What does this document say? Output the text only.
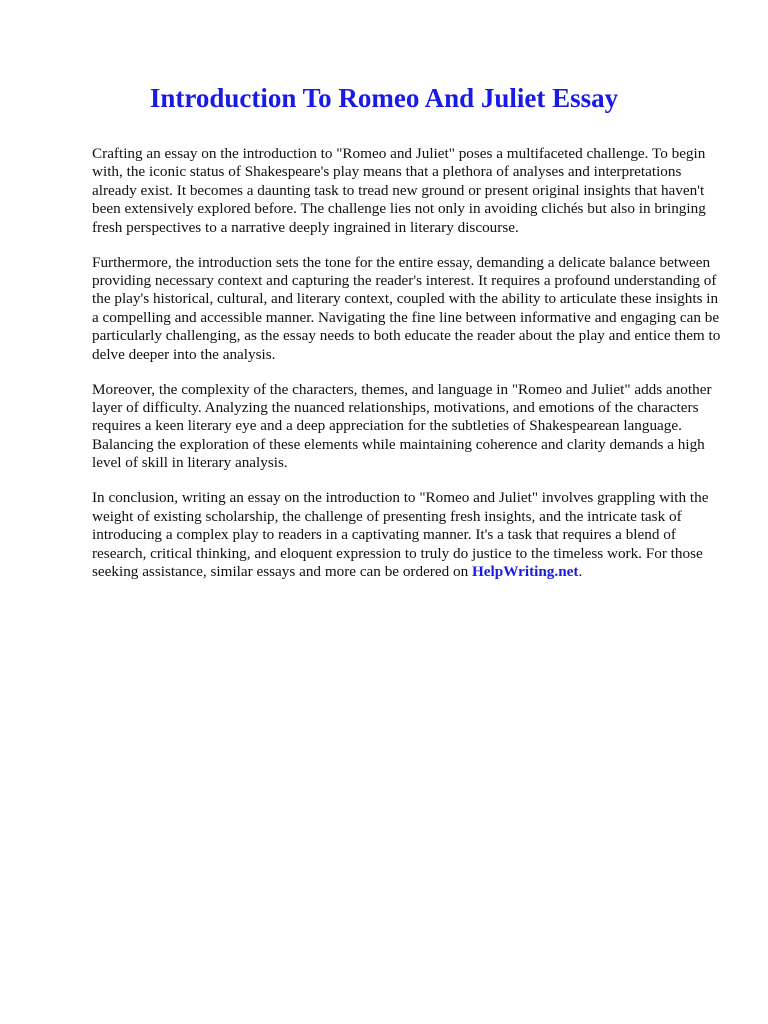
Introduction To Romeo And Juliet Essay

Crafting an essay on the introduction to "Romeo and Juliet" poses a multifaceted challenge. To begin with, the iconic status of Shakespeare's play means that a plethora of analyses and interpretations already exist. It becomes a daunting task to tread new ground or present original insights that haven't been extensively explored before. The challenge lies not only in avoiding clichés but also in bringing fresh perspectives to a narrative deeply ingrained in literary discourse.

Furthermore, the introduction sets the tone for the entire essay, demanding a delicate balance between providing necessary context and capturing the reader's interest. It requires a profound understanding of the play's historical, cultural, and literary context, coupled with the ability to articulate these insights in a compelling and accessible manner. Navigating the fine line between informative and engaging can be particularly challenging, as the essay needs to both educate the reader about the play and entice them to delve deeper into the analysis.

Moreover, the complexity of the characters, themes, and language in "Romeo and Juliet" adds another layer of difficulty. Analyzing the nuanced relationships, motivations, and emotions of the characters requires a keen literary eye and a deep appreciation for the subtleties of Shakespearean language. Balancing the exploration of these elements while maintaining coherence and clarity demands a high level of skill in literary analysis.

In conclusion, writing an essay on the introduction to "Romeo and Juliet" involves grappling with the weight of existing scholarship, the challenge of presenting fresh insights, and the intricate task of introducing a complex play to readers in a captivating manner. It's a task that requires a blend of research, critical thinking, and eloquent expression to truly do justice to the timeless work. For those seeking assistance, similar essays and more can be ordered on HelpWriting.net.
